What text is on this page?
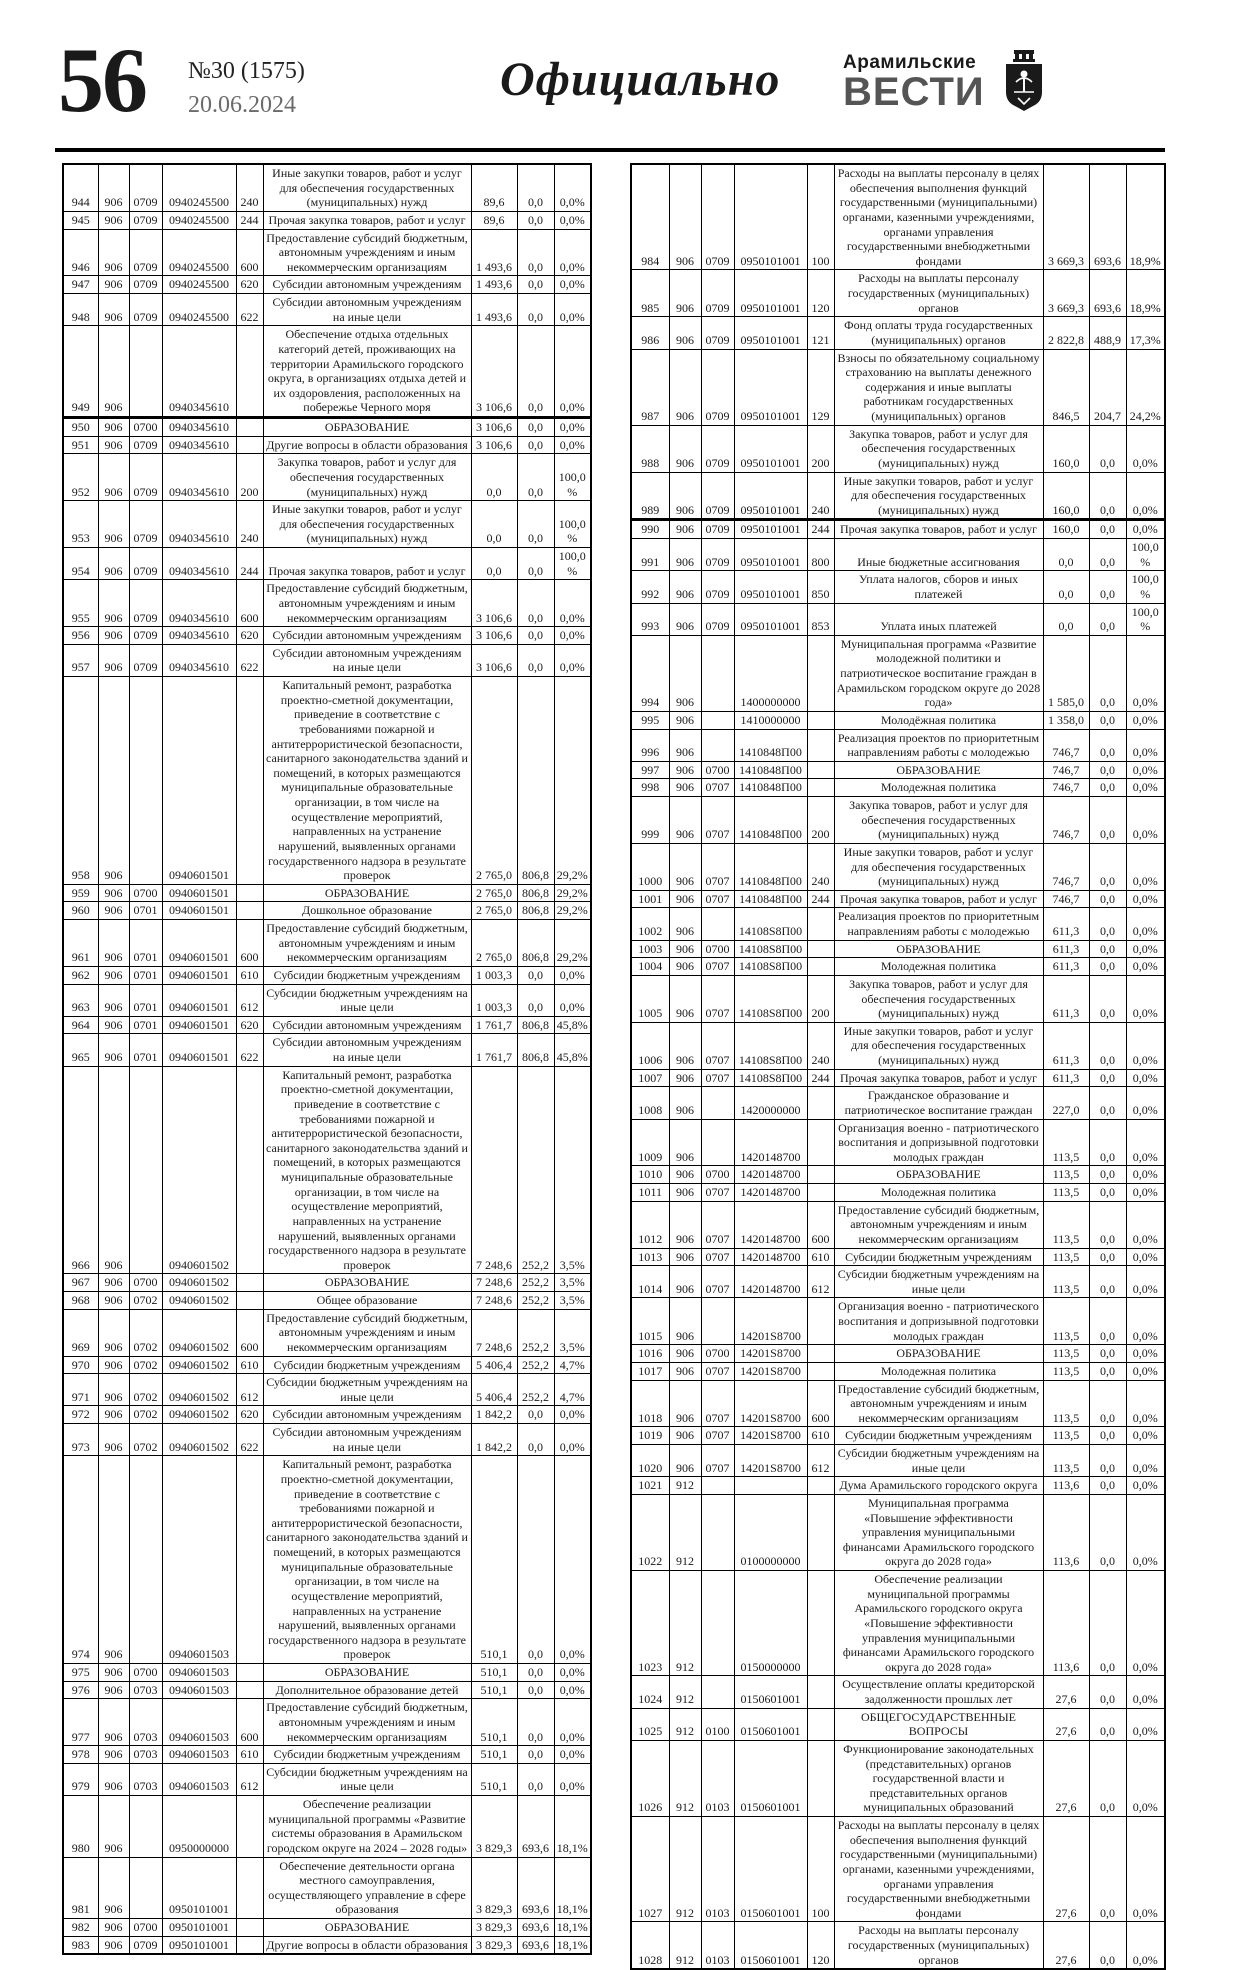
56 №30 (1575)
20.06.2024	Официально	Арамильские
ВЕСТИ
944	906	0709	0940245500	240	Иные закупки товаров, работ и услуг для обеспечения государственных (муниципальных) нужд	89,6	0,0	0,0%
945	906	0709	0940245500	244	Прочая закупка товаров, работ и услуг	89,6	0,0	0,0%
946	906	0709	0940245500	600	Предоставление субсидий бюджетным, автономным учреждениям и иным некоммерческим организациям	1 493,6	0,0	0,0%
947	906	0709	0940245500	620	Субсидии автономным учреждениям	1 493,6	0,0	0,0%
948	906	0709	0940245500	622	Субсидии автономным учреждениям на иные цели	1 493,6	0,0	0,0%
949	906		0940345610		Обеспечение отдыха отдельных категорий детей, проживающих на территории Арамильского городского округа, в организациях отдыха детей и их оздоровления, расположенных на побережье Черного моря	3 106,6	0,0	0,0%
950	906	0700	0940345610		ОБРАЗОВАНИЕ	3 106,6	0,0	0,0%
951	906	0709	0940345610		Другие вопросы в области образования	3 106,6	0,0	0,0%
952	906	0709	0940345610	200	Закупка товаров, работ и услуг для обеспечения государственных (муниципальных) нужд	0,0	0,0	100,0%
953	906	0709	0940345610	240	Иные закупки товаров, работ и услуг для обеспечения государственных (муниципальных) нужд	0,0	0,0	100,0%
954	906	0709	0940345610	244	Прочая закупка товаров, работ и услуг	0,0	0,0	100,0%
955	906	0709	0940345610	600	Предоставление субсидий бюджетным, автономным учреждениям и иным некоммерческим организациям	3 106,6	0,0	0,0%
956	906	0709	0940345610	620	Субсидии автономным учреждениям	3 106,6	0,0	0,0%
957	906	0709	0940345610	622	Субсидии автономным учреждениям на иные цели	3 106,6	0,0	0,0%
958	906		0940601501		Капитальный ремонт, разработка проектно-сметной документации, приведение в соответствие с требованиями пожарной и антитеррористической безопасности, санитарного законодательства зданий и помещений, в которых размещаются муниципальные образовательные организации, в том числе на осуществление мероприятий, направленных на устранение нарушений, выявленных органами государственного надзора в результате проверок	2 765,0	806,8	29,2%
959	906	0700	0940601501		ОБРАЗОВАНИЕ	2 765,0	806,8	29,2%
960	906	0701	0940601501		Дошкольное образование	2 765,0	806,8	29,2%
961	906	0701	0940601501	600	Предоставление субсидий бюджетным, автономным учреждениям и иным некоммерческим организациям	2 765,0	806,8	29,2%
962	906	0701	0940601501	610	Субсидии бюджетным учреждениям	1 003,3	0,0	0,0%
963	906	0701	0940601501	612	Субсидии бюджетным учреждениям на иные цели	1 003,3	0,0	0,0%
964	906	0701	0940601501	620	Субсидии автономным учреждениям	1 761,7	806,8	45,8%
965	906	0701	0940601501	622	Субсидии автономным учреждениям на иные цели	1 761,7	806,8	45,8%
966	906		0940601502		Капитальный ремонт, разработка проектно-сметной документации, приведение в соответствие с требованиями пожарной и антитеррористической безопасности, санитарного законодательства зданий и помещений, в которых размещаются муниципальные образовательные организации, в том числе на осуществление мероприятий, направленных на устранение нарушений, выявленных органами государственного надзора в результате проверок	7 248,6	252,2	3,5%
967	906	0700	0940601502		ОБРАЗОВАНИЕ	7 248,6	252,2	3,5%
968	906	0702	0940601502		Общее образование	7 248,6	252,2	3,5%
969	906	0702	0940601502	600	Предоставление субсидий бюджетным, автономным учреждениям и иным некоммерческим организациям	7 248,6	252,2	3,5%
970	906	0702	0940601502	610	Субсидии бюджетным учреждениям	5 406,4	252,2	4,7%
971	906	0702	0940601502	612	Субсидии бюджетным учреждениям на иные цели	5 406,4	252,2	4,7%
972	906	0702	0940601502	620	Субсидии автономным учреждениям	1 842,2	0,0	0,0%
973	906	0702	0940601502	622	Субсидии автономным учреждениям на иные цели	1 842,2	0,0	0,0%
974	906		0940601503		Капитальный ремонт, разработка проектно-сметной документации, приведение в соответствие с требованиями пожарной и антитеррористической безопасности, санитарного законодательства зданий и помещений, в которых размещаются муниципальные образовательные организации, в том числе на осуществление мероприятий, направленных на устранение нарушений, выявленных органами государственного надзора в результате проверок	510,1	0,0	0,0%
975	906	0700	0940601503		ОБРАЗОВАНИЕ	510,1	0,0	0,0%
976	906	0703	0940601503		Дополнительное образование детей	510,1	0,0	0,0%
977	906	0703	0940601503	600	Предоставление субсидий бюджетным, автономным учреждениям и иным некоммерческим организациям	510,1	0,0	0,0%
978	906	0703	0940601503	610	Субсидии бюджетным учреждениям	510,1	0,0	0,0%
979	906	0703	0940601503	612	Субсидии бюджетным учреждениям на иные цели	510,1	0,0	0,0%
980	906		0950000000		Обеспечение реализации муниципальной программы «Развитие системы образования в Арамильском городском округе на 2024 – 2028 годы»	3 829,3	693,6	18,1%
981	906		0950101001		Обеспечение деятельности органа местного самоуправления, осуществляющего управление в сфере образования	3 829,3	693,6	18,1%
982	906	0700	0950101001		ОБРАЗОВАНИЕ	3 829,3	693,6	18,1%
983	906	0709	0950101001		Другие вопросы в области образования	3 829,3	693,6	18,1%
984	906	0709	0950101001	100	Расходы на выплаты персоналу в целях обеспечения выполнения функций государственными (муниципальными) органами, казенными учреждениями, органами управления государственными внебюджетными фондами	3 669,3	693,6	18,9%
985	906	0709	0950101001	120	Расходы на выплаты персоналу государственных (муниципальных) органов	3 669,3	693,6	18,9%
986	906	0709	0950101001	121	Фонд оплаты труда государственных (муниципальных) органов	2 822,8	488,9	17,3%
987	906	0709	0950101001	129	Взносы по обязательному социальному страхованию на выплаты денежного содержания и иные выплаты работникам государственных (муниципальных) органов	846,5	204,7	24,2%
988	906	0709	0950101001	200	Закупка товаров, работ и услуг для обеспечения государственных (муниципальных) нужд	160,0	0,0	0,0%
989	906	0709	0950101001	240	Иные закупки товаров, работ и услуг для обеспечения государственных (муниципальных) нужд	160,0	0,0	0,0%
990	906	0709	0950101001	244	Прочая закупка товаров, работ и услуг	160,0	0,0	0,0%
991	906	0709	0950101001	800	Иные бюджетные ассигнования	0,0	0,0	100,0%
992	906	0709	0950101001	850	Уплата налогов, сборов и иных платежей	0,0	0,0	100,0%
993	906	0709	0950101001	853	Уплата иных платежей	0,0	0,0	100,0%
994	906		1400000000		Муниципальная программа «Развитие молодежной политики и патриотическое воспитание граждан в Арамильском городском округе до 2028 года»	1 585,0	0,0	0,0%
995	906		1410000000		Молодёжная политика	1 358,0	0,0	0,0%
996	906		1410848П00		Реализация проектов по приоритетным направлениям работы с молодежью	746,7	0,0	0,0%
997	906	0700	1410848П00		ОБРАЗОВАНИЕ	746,7	0,0	0,0%
998	906	0707	1410848П00		Молодежная политика	746,7	0,0	0,0%
999	906	0707	1410848П00	200	Закупка товаров, работ и услуг для обеспечения государственных (муниципальных) нужд	746,7	0,0	0,0%
1000	906	0707	1410848П00	240	Иные закупки товаров, работ и услуг для обеспечения государственных (муниципальных) нужд	746,7	0,0	0,0%
1001	906	0707	1410848П00	244	Прочая закупка товаров, работ и услуг	746,7	0,0	0,0%
1002	906		14108S8П00		Реализация проектов по приоритетным направлениям работы с молодежью	611,3	0,0	0,0%
1003	906	0700	14108S8П00		ОБРАЗОВАНИЕ	611,3	0,0	0,0%
1004	906	0707	14108S8П00		Молодежная политика	611,3	0,0	0,0%
1005	906	0707	14108S8П00	200	Закупка товаров, работ и услуг для обеспечения государственных (муниципальных) нужд	611,3	0,0	0,0%
1006	906	0707	14108S8П00	240	Иные закупки товаров, работ и услуг для обеспечения государственных (муниципальных) нужд	611,3	0,0	0,0%
1007	906	0707	14108S8П00	244	Прочая закупка товаров, работ и услуг	611,3	0,0	0,0%
1008	906		1420000000		Гражданское образование и патриотическое воспитание граждан	227,0	0,0	0,0%
1009	906		1420148700		Организация военно - патриотического воспитания и допризывной подготовки молодых граждан	113,5	0,0	0,0%
1010	906	0700	1420148700		ОБРАЗОВАНИЕ	113,5	0,0	0,0%
1011	906	0707	1420148700		Молодежная политика	113,5	0,0	0,0%
1012	906	0707	1420148700	600	Предоставление субсидий бюджетным, автономным учреждениям и иным некоммерческим организациям	113,5	0,0	0,0%
1013	906	0707	1420148700	610	Субсидии бюджетным учреждениям	113,5	0,0	0,0%
1014	906	0707	1420148700	612	Субсидии бюджетным учреждениям на иные цели	113,5	0,0	0,0%
1015	906		14201S8700		Организация военно - патриотического воспитания и допризывной подготовки молодых граждан	113,5	0,0	0,0%
1016	906	0700	14201S8700		ОБРАЗОВАНИЕ	113,5	0,0	0,0%
1017	906	0707	14201S8700		Молодежная политика	113,5	0,0	0,0%
1018	906	0707	14201S8700	600	Предоставление субсидий бюджетным, автономным учреждениям и иным некоммерческим организациям	113,5	0,0	0,0%
1019	906	0707	14201S8700	610	Субсидии бюджетным учреждениям	113,5	0,0	0,0%
1020	906	0707	14201S8700	612	Субсидии бюджетным учреждениям на иные цели	113,5	0,0	0,0%
1021	912				Дума Арамильского городского округа	113,6	0,0	0,0%
1022	912		0100000000		Муниципальная программа «Повышение эффективности управления муниципальными финансами Арамильского городского округа до 2028 года»	113,6	0,0	0,0%
1023	912		0150000000		Обеспечение реализации муниципальной программы Арамильского городского округа «Повышение эффективности управления муниципальными финансами Арамильского городского округа до 2028 года»	113,6	0,0	0,0%
1024	912		0150601001		Осуществление оплаты кредиторской задолженности прошлых лет	27,6	0,0	0,0%
1025	912	0100	0150601001		ОБЩЕГОСУДАРСТВЕННЫЕ ВОПРОСЫ	27,6	0,0	0,0%
1026	912	0103	0150601001		Функционирование законодательных (представительных) органов государственной власти и представительных органов муниципальных образований	27,6	0,0	0,0%
1027	912	0103	0150601001	100	Расходы на выплаты персоналу в целях обеспечения выполнения функций государственными (муниципальными) органами, казенными учреждениями, органами управления государственными внебюджетными фондами	27,6	0,0	0,0%
1028	912	0103	0150601001	120	Расходы на выплаты персоналу государственных (муниципальных) органов	27,6	0,0	0,0%
